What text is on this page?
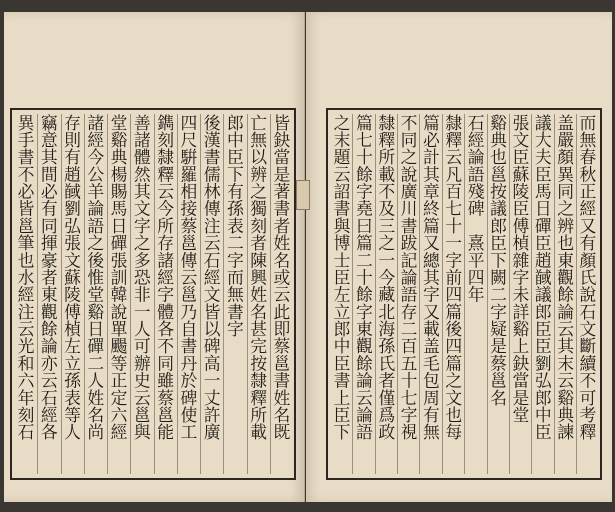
皆鈌當是著書者姓名或云此即蔡邕書姓名既
亡無以辨之獨刻者陳興姓名甚完按隸釋所載
郎中臣下有孫表二字而無書字
後漢書儒林傳注云石經文皆以碑高一丈許廣
四尺騈羅相接蔡邕傳云邕乃自書丹於碑使工
鐫刻隸釋云今所存諸經字體各不同雖蔡邕能
善諸體然其文字之多恐非一人可辦史云邕與
堂谿典楊賜馬日磾張訓韓說單颺等正定六經
諸經今公羊論語之後惟堂谿日磾二人姓名尚
存則有趙馘劉弘張文蘇陵傅楨左立孫表等人
竊意其間必有同揮豪者東觀餘論亦云石經各
異手書不必皆邕筆也水經注云光和六年刻石	而無春秋正經又有顏氏說石文斷續不可考釋
盖嚴顏異同之辨也東觀餘論云其末云谿典諫
議大夫臣馬日磾臣趙馘議郎臣臣劉弘郎中臣
張文臣蘇陵臣傅楨雜字未詳谿上鈌當是堂
谿典也邕按議郎臣下闕二字疑是蔡邕名
石經論語殘碑　熹平四年
隸釋云凡百七十一字前四篇後四篇之文也每
篇必計其章終篇又總其字又載盖毛包周有無
不同之說廣川書跋記論語存二百五十七字視
隸釋所載不及三之一今藏北海孫氏者僅爲政
篇七十餘字堯曰篇二十餘字東觀餘論云論語
之末題云詔書與博士臣左立郎中臣書上臣下
